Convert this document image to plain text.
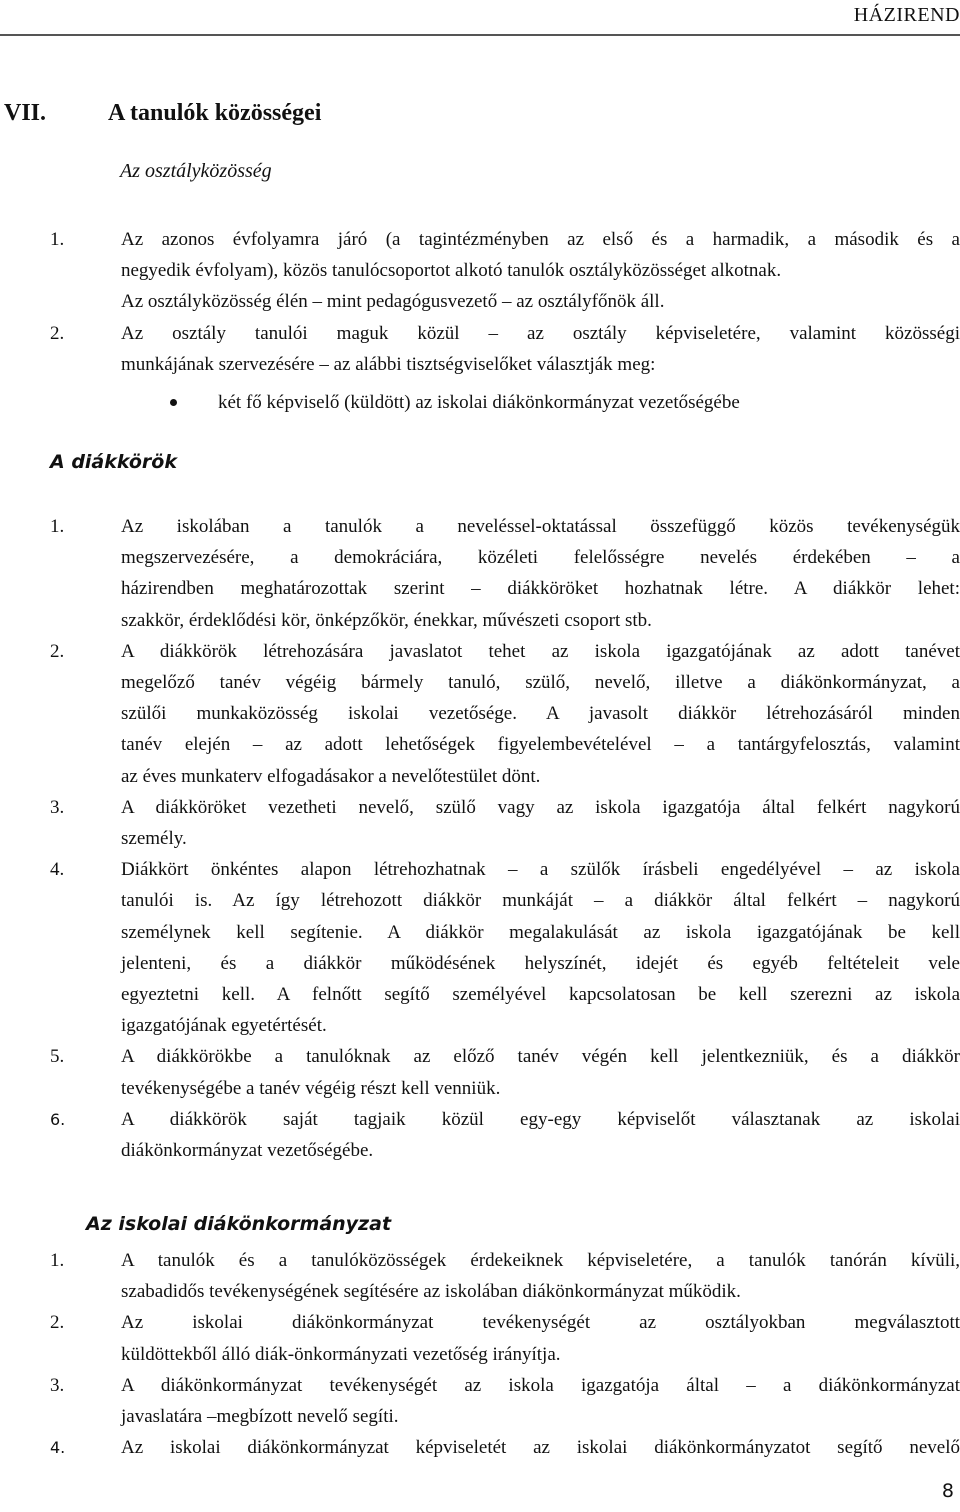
HÁZIREND
VII.	A tanulók közösségei
Az osztályközösség
1.	Az azonos évfolyamra járó (a tagintézményben az első és a harmadik, a második és a
negyedik évfolyam), közös tanulócsoportot alkotó tanulók osztályközösséget alkotnak.
Az osztályközösség élén – mint pedagógusvezető – az osztályfőnök áll.
2.	Az osztály tanulói maguk közül – az osztály képviseletére, valamint közösségi
munkájának szervezésére – az alábbi tisztségviselőket választják meg:
két fő képviselő (küldött) az iskolai diákönkormányzat vezetőségébe
A diákkörök
1.	Az iskolában a tanulók a neveléssel-oktatással összefüggő közös tevékenységük
megszervezésére, a demokráciára, közéleti felelősségre nevelés érdekében – a
házirendben meghatározottak szerint – diákköröket hozhatnak létre. A diákkör lehet:
szakkör, érdeklődési kör, önképzőkör, énekkar, művészeti csoport stb.
2.	A diákkörök létrehozására javaslatot tehet az iskola igazgatójának az adott tanévet
megelőző tanév végéig bármely tanuló, szülő, nevelő, illetve a diákönkormányzat, a
szülői munkaközösség iskolai vezetősége. A javasolt diákkör létrehozásáról minden
tanév elején – az adott lehetőségek figyelembevételével – a tantárgyfelosztás, valamint
az éves munkaterv elfogadásakor a nevelőtestület dönt.
3.	A diákköröket vezetheti nevelő, szülő vagy az iskola igazgatója által felkért nagykorú
személy.
4.	Diákkört önkéntes alapon létrehozhatnak – a szülők írásbeli engedélyével – az iskola
tanulói is. Az így létrehozott diákkör munkáját – a diákkör által felkért – nagykorú
személynek kell segítenie. A diákkör megalakulását az iskola igazgatójának be kell
jelenteni, és a diákkör működésének helyszínét, idejét és egyéb feltételeit vele
egyeztetni kell. A felnőtt segítő személyével kapcsolatosan be kell szerezni az iskola
igazgatójának egyetértését.
5.	A diákkörökbe a tanulóknak az előző tanév végén kell jelentkezniük, és a diákkör
tevékenységébe a tanév végéig részt kell venniük.
6.	A diákkörök saját tagjaik közül egy-egy képviselőt választanak az iskolai
diákönkormányzat vezetőségébe.
Az iskolai diákönkormányzat
1.	A tanulók és a tanulóközösségek érdekeiknek képviseletére, a tanulók tanórán kívüli,
szabadidős tevékenységének segítésére az iskolában diákönkormányzat működik.
2.	Az iskolai diákönkormányzat tevékenységét az osztályokban megválasztott
küldöttekből álló diák-önkormányzati vezetőség irányítja.
3.	A diákönkormányzat tevékenységét az iskola igazgatója által – a diákönkormányzat
javaslatára –megbízott nevelő segíti.
4.	Az iskolai diákönkormányzat képviseletét az iskolai diákönkormányzatot segítő nevelő
8
